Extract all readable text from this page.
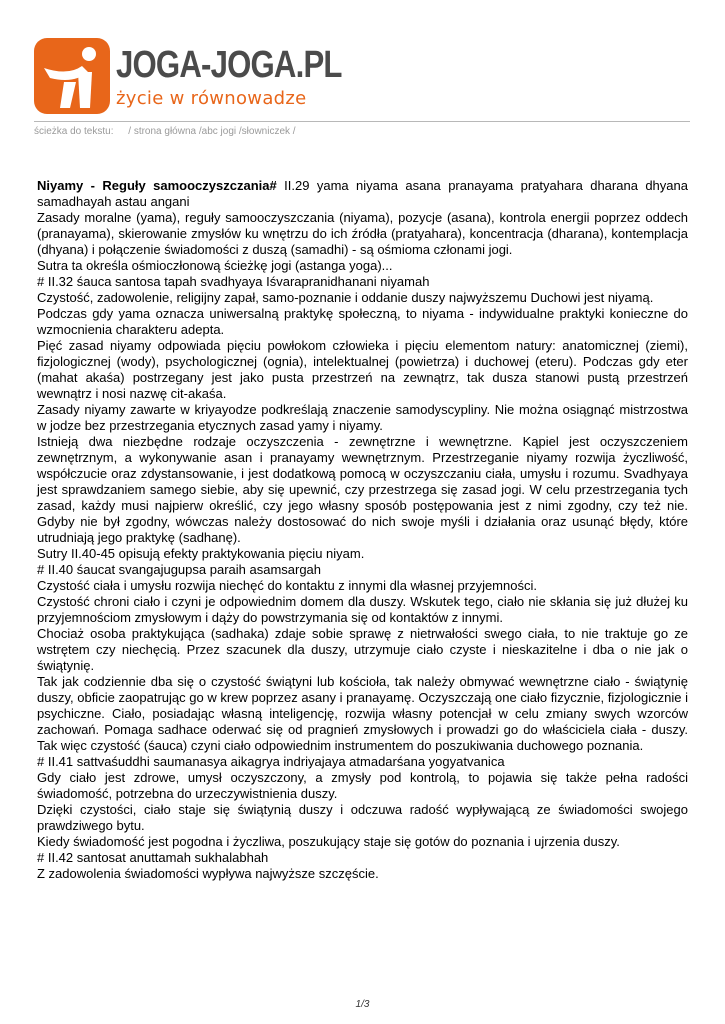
JOGA-JOGA.PL
życie w równowadze
ścieżka do tekstu: / strona główna /abc jogi /słowniczek /

Niyamy - Reguły samooczyszczania# II.29 yama niyama asana pranayama pratyahara dharana dhyana samadhayah astau angani

Zasady moralne (yama), reguły samooczyszczania (niyama), pozycje (asana), kontrola energii poprzez oddech (pranayama), skierowanie zmysłów ku wnętrzu do ich źródła (pratyahara), koncentracja (dharana), kontemplacja (dhyana) i połączenie świadomości z duszą (samadhi) - są ośmioma członami jogi.

Sutra ta określa ośmioczłonową ścieżkę jogi (astanga yoga)...

# II.32 śauca santosa tapah svadhyaya Iśvarapranidhanani niyamah

Czystość, zadowolenie, religijny zapał, samo-poznanie i oddanie duszy najwyższemu Duchowi jest niyamą.

Podczas gdy yama oznacza uniwersalną praktykę społeczną, to niyama - indywidualne praktyki konieczne do wzmocnienia charakteru adepta.

Pięć zasad niyamy odpowiada pięciu powłokom człowieka i pięciu elementom natury: anatomicznej (ziemi), fizjologicznej (wody), psychologicznej (ognia), intelektualnej (powietrza) i duchowej (eteru). Podczas gdy eter (mahat akaśa) postrzegany jest jako pusta przestrzeń na zewnątrz, tak dusza stanowi pustą przestrzeń wewnątrz i nosi nazwę cit-akaśa.

Zasady niyamy zawarte w kriyayodze podkreślają znaczenie samodyscypliny. Nie można osiągnąć mistrzostwa w jodze bez przestrzegania etycznych zasad yamy i niyamy.

Istnieją dwa niezbędne rodzaje oczyszczenia - zewnętrzne i wewnętrzne. Kąpiel jest oczyszczeniem zewnętrznym, a wykonywanie asan i pranayamy wewnętrznym. Przestrzeganie niyamy rozwija życzliwość, współczucie oraz zdystansowanie, i jest dodatkową pomocą w oczyszczaniu ciała, umysłu i rozumu. Svadhyaya jest sprawdzaniem samego siebie, aby się upewnić, czy przestrzega się zasad jogi. W celu przestrzegania tych zasad, każdy musi najpierw określić, czy jego własny sposób postępowania jest z nimi zgodny, czy też nie. Gdyby nie był zgodny, wówczas należy dostosować do nich swoje myśli i działania oraz usunąć błędy, które utrudniają jego praktykę (sadhanę).

Sutry II.40-45 opisują efekty praktykowania pięciu niyam.

# II.40 śaucat svangajugupsa paraih asamsargah

Czystość ciała i umysłu rozwija niechęć do kontaktu z innymi dla własnej przyjemności.

Czystość chroni ciało i czyni je odpowiednim domem dla duszy. Wskutek tego, ciało nie skłania się już dłużej ku przyjemnościom zmysłowym i dąży do powstrzymania się od kontaktów z innymi.

Chociaż osoba praktykująca (sadhaka) zdaje sobie sprawę z nietrwałości swego ciała, to nie traktuje go ze wstrętem czy niechęcią. Przez szacunek dla duszy, utrzymuje ciało czyste i nieskazitelne i dba o nie jak o świątynię.

Tak jak codziennie dba się o czystość świątyni lub kościoła, tak należy obmywać wewnętrzne ciało - świątynię duszy, obficie zaopatrując go w krew poprzez asany i pranayamę. Oczyszczają one ciało fizycznie, fizjologicznie i psychiczne. Ciało, posiadając własną inteligencję, rozwija własny potencjał w celu zmiany swych wzorców zachowań. Pomaga sadhace oderwać się od pragnień zmysłowych i prowadzi go do właściciela ciała - duszy. Tak więc czystość (śauca) czyni ciało odpowiednim instrumentem do poszukiwania duchowego poznania.

# II.41 sattvaśuddhi saumanasya aikagrya indriyajaya atmadarśana yogyatvanica

Gdy ciało jest zdrowe, umysł oczyszczony, a zmysły pod kontrolą, to pojawia się także pełna radości świadomość, potrzebna do urzeczywistnienia duszy.

Dzięki czystości, ciało staje się świątynią duszy i odczuwa radość wypływającą ze świadomości swojego prawdziwego bytu.

Kiedy świadomość jest pogodna i życzliwa, poszukujący staje się gotów do poznania i ujrzenia duszy.

# II.42 santosat anuttamah sukhalabhah

Z zadowolenia świadomości wypływa najwyższe szczęście.

1/3
